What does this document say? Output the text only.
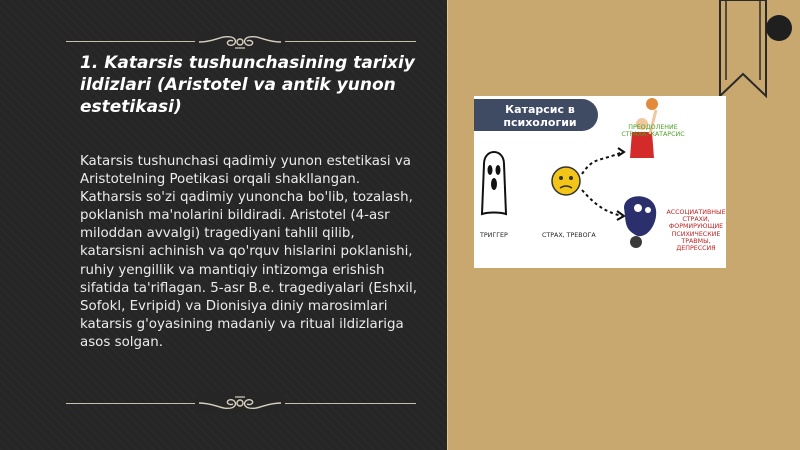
1. Katarsis tushunchasining tarixiy ildizlari (Aristotel va antik yunon estetikasi)
Katarsis tushunchasi qadimiy yunon estetikasi va Aristotelning Poetikasi orqali shakllangan. Katharsis so'zi qadimiy yunoncha bo'lib, tozalash, poklanish ma'nolarini bildiradi. Aristotel (4-asr miloddan avvalgi) tragediyani tahlil qilib, katarsisni achinish va qo'rquv hislarini poklanishi, ruhiy yengillik va mantiqiy intizomga erishish sifatida ta'riflagan. 5-asr B.e. tragediyalari (Eshxil, Sofokl, Evripid) va Dionisiya diniy marosimlari katarsis g'oyasining madaniy va ritual ildizlariga asos solgan.
Катарсис в психологии
ТРИГГЕР	СТРАХ, ТРЕВОГА
ПРЕОДОЛЕНИЕ СТРАХА, КАТАРСИС
АССОЦИАТИВНЫЕ СТРАХИ, ФОРМИРУЮЩИЕ ПСИХИЧЕСКИЕ ТРАВМЫ, ДЕПРЕССИЯ
